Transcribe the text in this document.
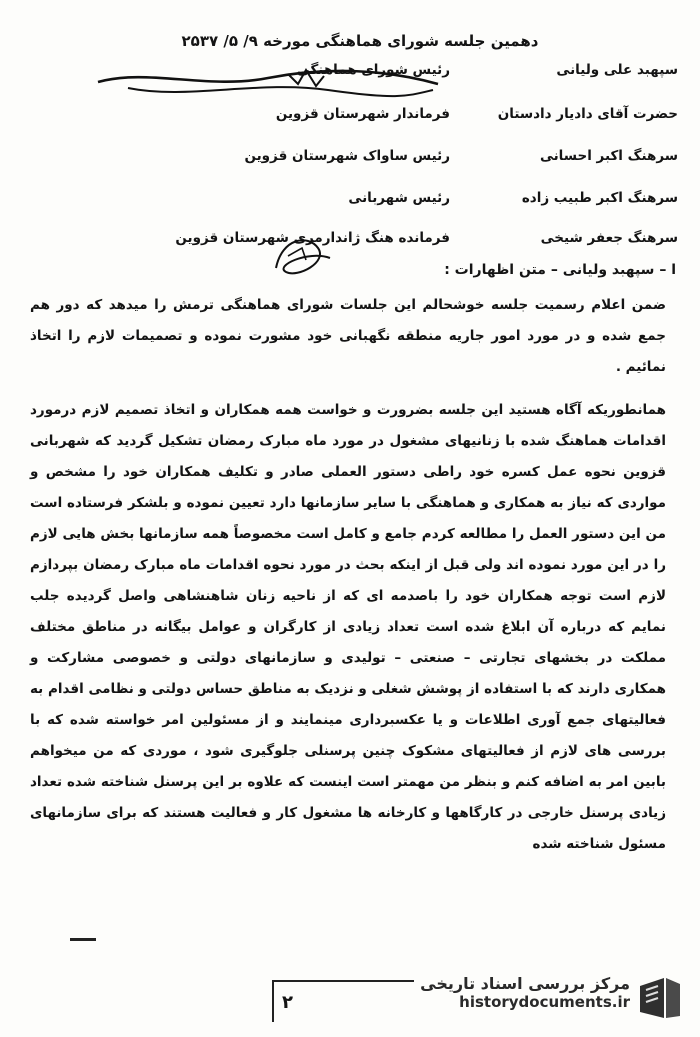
دهمین جلسه شورای هماهنگی مورخه ۹/ ۵/ ۲۵۳۷
سپهبد علی ولیانی
رئیس شورای هماهنگی
حضرت آقای دادیار دادستان
فرماندار شهرستان قزوین
سرهنگ اکبر احسانی
رئیس ساواک شهرستان قزوین
سرهنگ اکبر طبیب زاده
رئیس شهربانی
سرهنگ جعفر شیخی
فرمانده هنگ ژاندارمری شهرستان قزوین
ا – سپهبد ولیانی – متن اظهارات :

ضمن اعلام رسمیت جلسه خوشحالم این جلسات شورای هماهنگی ترمش را میدهد که دور هم جمع شده و در مورد امور جاریه منطقه نگهبانی خود مشورت نموده و تصمیمات لازم را اتخاذ نمائیم .

همانطوریکه آگاه هستید این جلسه بضرورت و خواست همه همکاران و اتخاذ تصمیم لازم درمورد اقدامات هماهنگ شده با زنانیهای مشغول در مورد ماه مبارک رمضان تشکیل گردید که شهربانی قزوین نحوه عمل کسره خود راطی دستور العملی صادر و تکلیف همکاران خود را مشخص و مواردی که نیاز به همکاری و هماهنگی با سایر سازمانها دارد تعیین نموده و بلشکر فرستاده است من این دستور العمل را مطالعه کردم جامع و کامل است مخصوصاً همه سازمانها بخش هایی لازم را در این مورد نموده اند ولی قبل از اینکه بحث در مورد نحوه اقدامات ماه مبارک رمضان بپردازم لازم است توجه همکاران خود را باصدمه ای که از ناحیه زنان شاهنشاهی واصل گردیده جلب نمایم که درباره آن ابلاغ شده است تعداد زیادی از کارگران و عوامل بیگانه در مناطق مختلف مملکت در بخشهای تجارتی – صنعتی – تولیدی و سازمانهای دولتی و خصوصی مشارکت و همکاری دارند که با استفاده از پوشش شغلی و نزدیک به مناطق حساس دولتی و نظامی اقدام به فعالیتهای جمع آوری اطلاعات و یا عکسبرداری مینمایند و از مسئولین امر خواسته شده که با بررسی های لازم از فعالیتهای مشکوک چنین پرسنلی جلوگیری شود ، موردی که من میخواهم بابین امر به اضافه کنم و بنظر من مهمتر است اینست که علاوه بر این پرسنل شناخته شده تعداد زیادی پرسنل خارجی در کارگاهها و کارخانه ها مشغول کار و فعالیت هستند که برای سازمانهای مسئول شناخته شده

۲
مرکز بررسی اسناد تاریخی
historydocuments.ir
